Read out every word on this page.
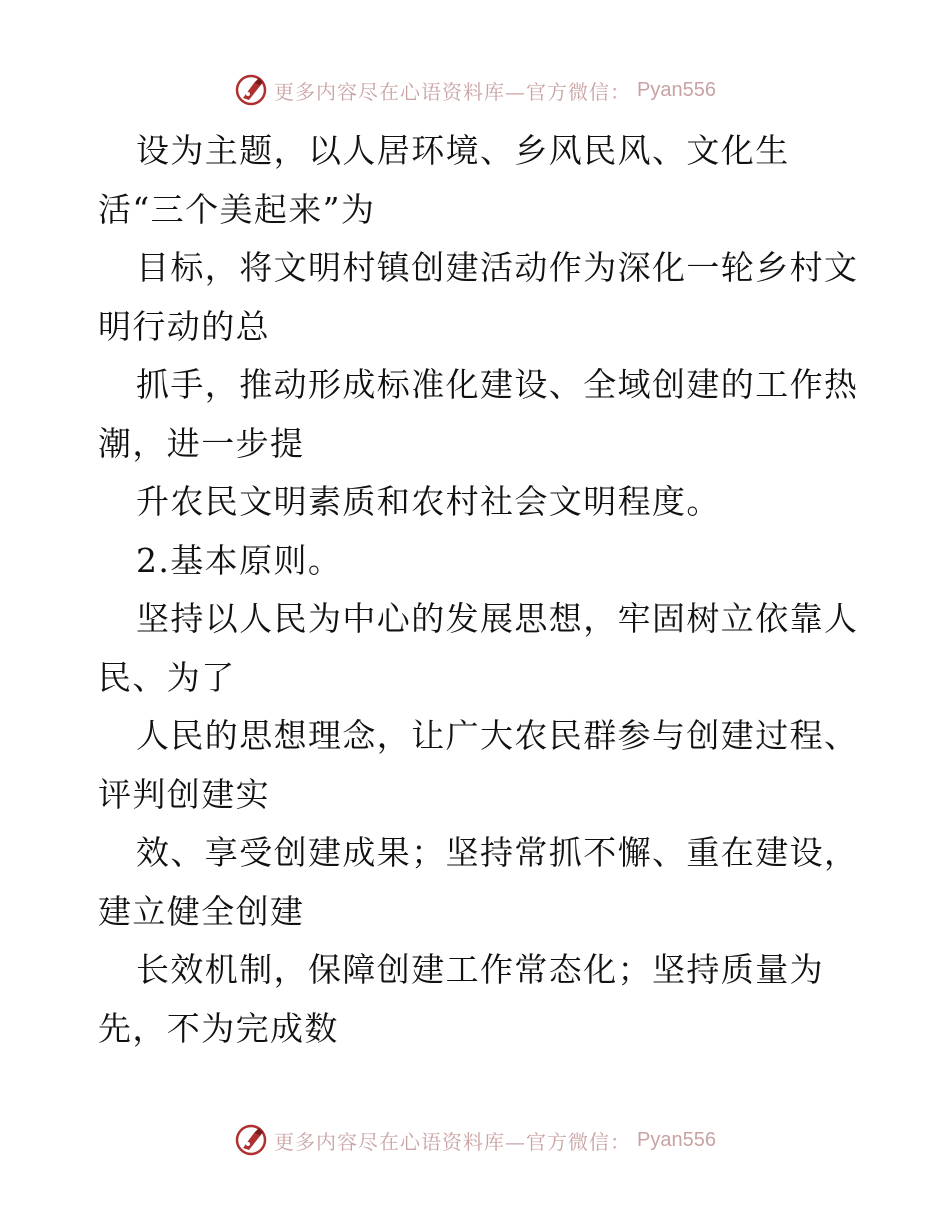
更多内容尽在心语资料库—官方微信： Pyan556
设为主题，以人居环境、乡风民风、文化生
活“三个美起来”为
目标，将文明村镇创建活动作为深化一轮乡村文
明行动的总
抓手，推动形成标准化建设、全域创建的工作热
潮，进一步提
升农民文明素质和农村社会文明程度。
2.基本原则。
坚持以人民为中心的发展思想，牢固树立依靠人
民、为了
人民的思想理念，让广大农民群参与创建过程、
评判创建实
效、享受创建成果；坚持常抓不懈、重在建设，
建立健全创建
长效机制，保障创建工作常态化；坚持质量为
先，不为完成数
更多内容尽在心语资料库—官方微信： Pyan556
